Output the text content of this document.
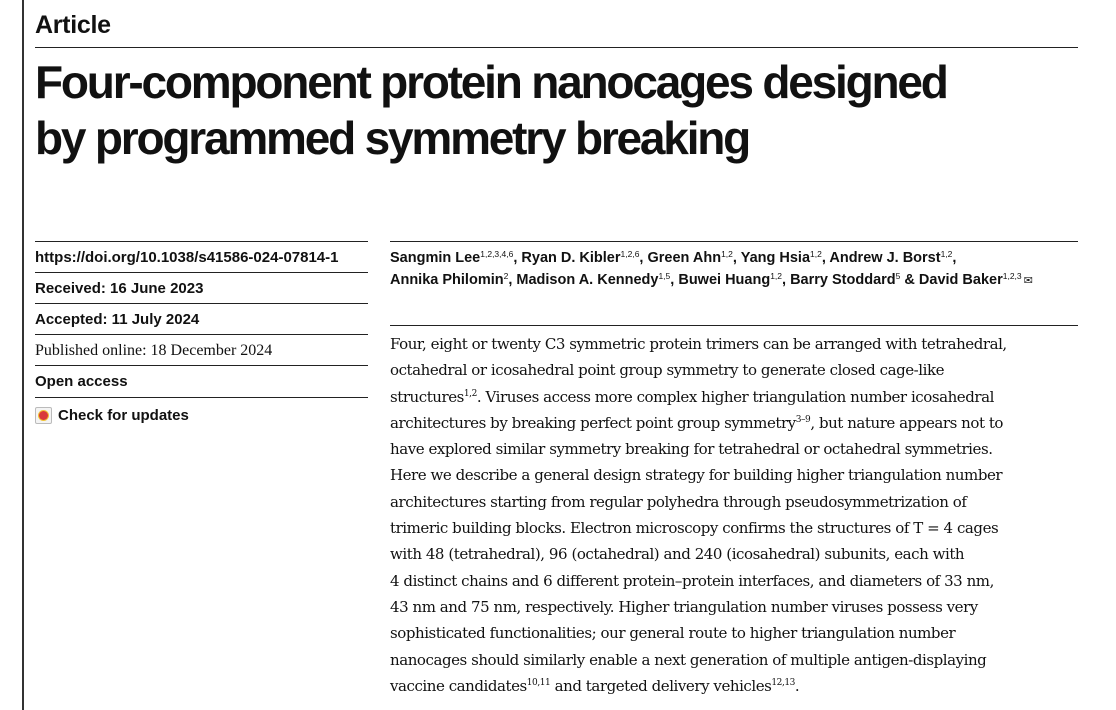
Article
Four-component protein nanocages designed
by programmed symmetry breaking
https://doi.org/10.1038/s41586-024-07814-1
Received: 16 June 2023
Accepted: 11 July 2024
Published online: 18 December 2024
Open access
Check for updates
Sangmin Lee$^{1,2,3,4,6}$, Ryan D. Kibler$^{1,2,6}$, Green Ahn$^{1,2}$, Yang Hsia$^{1,2}$, Andrew J. Borst$^{1,2}$,
Annika Philomin$^2$, Madison A. Kennedy$^{1,5}$, Buwei Huang$^{1,2}$, Barry Stoddard$^5$ & David Baker$^{1,2,3}$ ✉

Four, eight or twenty C3 symmetric protein trimers can be arranged with tetrahedral,
octahedral or icosahedral point group symmetry to generate closed cage-like
structures$^{1,2}$. Viruses access more complex higher triangulation number icosahedral
architectures by breaking perfect point group symmetry$^{3-9}$, but nature appears not to
have explored similar symmetry breaking for tetrahedral or octahedral symmetries.
Here we describe a general design strategy for building higher triangulation number
architectures starting from regular polyhedra through pseudosymmetrization of
trimeric building blocks. Electron microscopy confirms the structures of T = 4 cages
with 48 (tetrahedral), 96 (octahedral) and 240 (icosahedral) subunits, each with
4 distinct chains and 6 different protein–protein interfaces, and diameters of 33 nm,
43 nm and 75 nm, respectively. Higher triangulation number viruses possess very
sophisticated functionalities; our general route to higher triangulation number
nanocages should similarly enable a next generation of multiple antigen-displaying
vaccine candidates$^{10,11}$ and targeted delivery vehicles$^{12,13}$.
